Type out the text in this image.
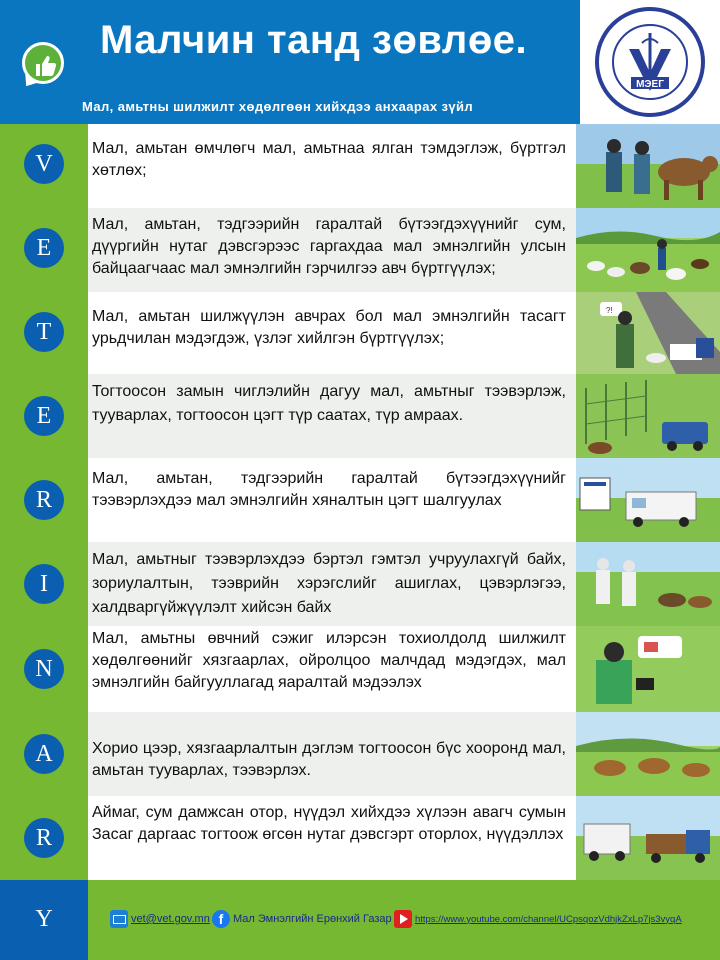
Малчин танд зөвлөе.
Мал, амьтны шилжилт хөдөлгөөн хийхдээ анхаарах зүйл
МЭЕГ
V
Мал, амьтан өмчлөгч мал, амьтнаа ялган тэмдэглэж, бүртгэл хөтлөх;
E
Мал, амьтан, тэдгээрийн гаралтай бүтээгдэхүүнийг сум, дүүргийн нутаг дэвсгэрээс гаргахдаа мал эмнэлгийн улсын байцаагчаас мал эмнэлгийн гэрчилгээ авч бүртгүүлэх;
T
Мал, амьтан шилжүүлэн авчрах бол мал эмнэлгийн тасагт урьдчилан мэдэгдэж, үзлэг хийлгэн бүртгүүлэх;
?!
E
Тогтоосон замын чиглэлийн дагуу мал, амьтныг тээвэрлэж, тууварлах, тогтоосон цэгт түр саатах, түр амраах.
R
Мал, амьтан, тэдгээрийн гаралтай бүтээгдэхүүнийг тээвэрлэхдээ мал эмнэлгийн хяналтын цэгт шалгуулах
I
Мал, амьтныг тээвэрлэхдээ бэртэл гэмтэл учруулахгүй байх, зориулалтын, тээврийн хэрэгслийг ашиглах, цэвэрлэгээ, халдваргүйжүүлэлт хийсэн байх
N
Мал, амьтны өвчний сэжиг илэрсэн тохиолдолд шилжилт хөдөлгөөнийг хязгаарлах, ойролцоо малчдад мэдэгдэх, мал эмнэлгийн байгууллагад яаралтай мэдээлэх
A	Хорио цээр, хязгаарлалтын дэглэм тогтоосон бүс хооронд мал, амьтан тууварлах, тээвэрлэх.
R
Аймаг, сум дамжсан отор, нүүдэл хийхдээ хүлээн авагч сумын Засаг даргаас тогтоож өгсөн нутаг дэвсгэрт оторлох, нүүдэллэх
Y	vet@vet.gov.mn f Мал Эмнэлгийн Ерөнхий Газар https://www.youtube.com/channel/UCpsqozVdhjkZxLp7js3vyqA
